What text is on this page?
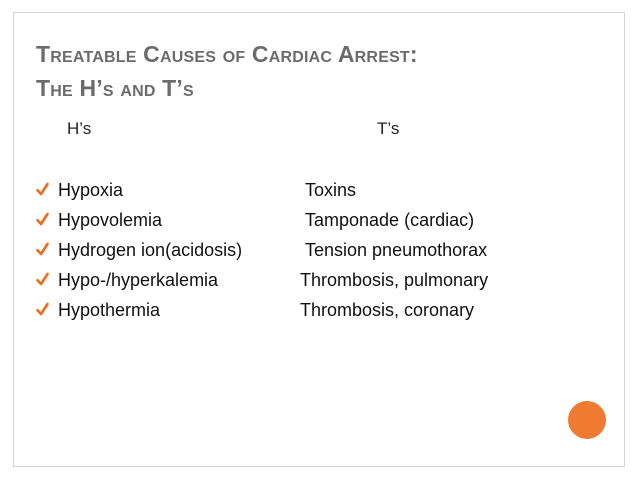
Treatable Causes of Cardiac Arrest:
The H’s and T’s
H’s	T’s
Hypoxia	Toxins
Hypovolemia	Tamponade (cardiac)
Hydrogen ion(acidosis)	Tension pneumothorax
Hypo-/hyperkalemia	Thrombosis, pulmonary
Hypothermia	Thrombosis, coronary
